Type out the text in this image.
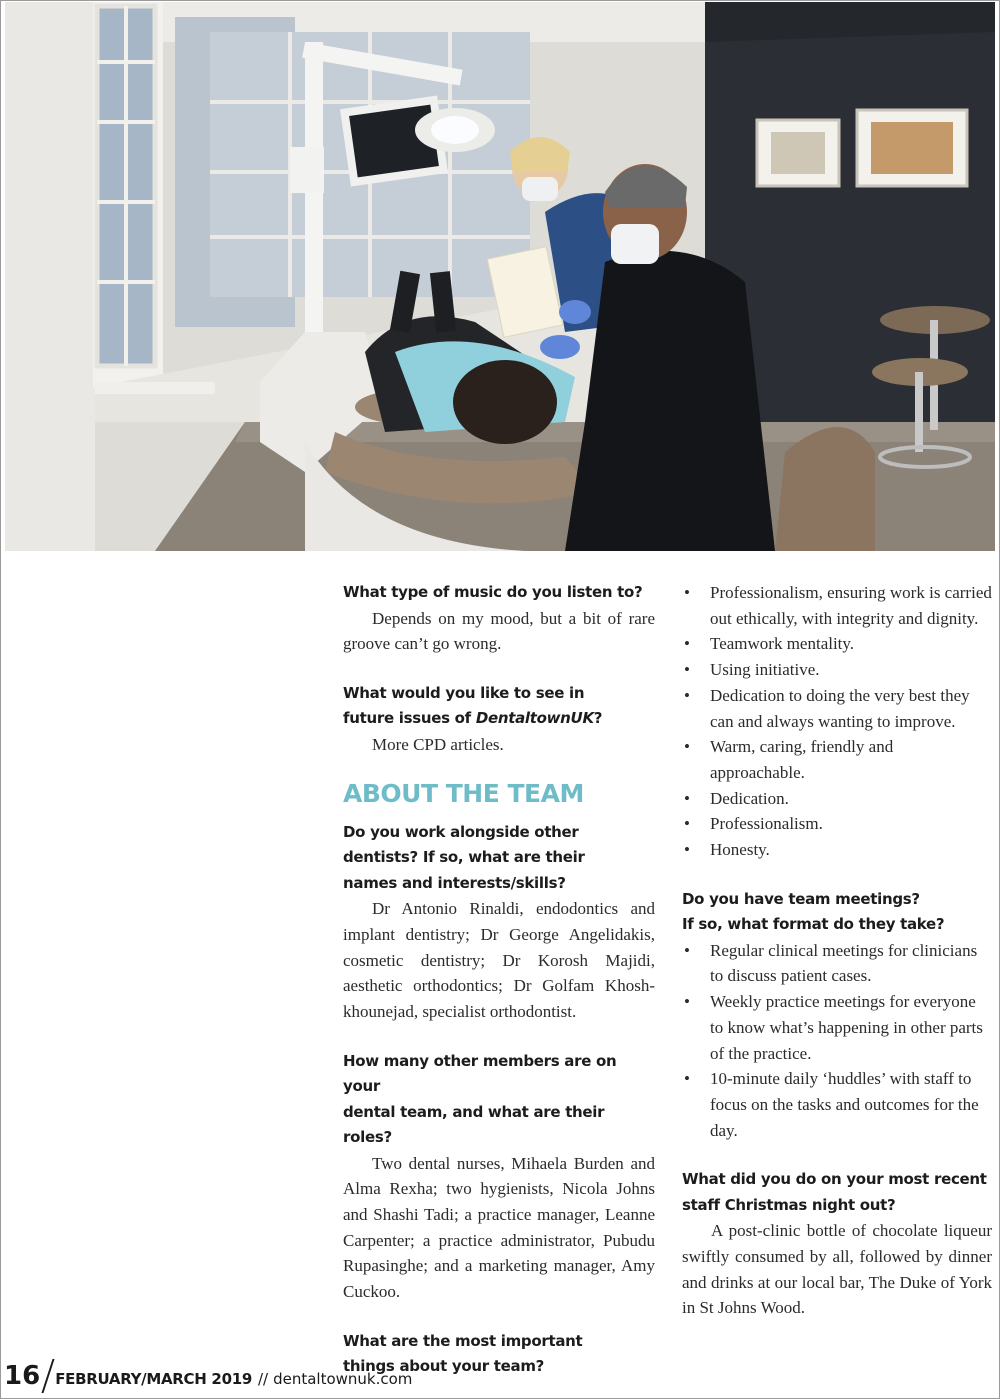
What type of music do you listen to?

Depends on my mood, but a bit of rare groove can’t go wrong.

What would you like to see in
future issues of DentaltownUK?

More CPD articles.

ABOUT THE TEAM

Do you work alongside other
dentists? If so, what are their
names and interests/skills?

Dr Antonio Rinaldi, endodontics and implant dentistry; Dr George Angelidakis, cosmetic dentistry; Dr Korosh Majidi, aesthetic orthodontics; Dr Golfam Khoshkhounejad, specialist orthodontist.

How many other members are on your
dental team, and what are their roles?

Two dental nurses, Mihaela Burden and Alma Rexha; two hygienists, Nicola Johns and Shashi Tadi; a practice manager, Leanne Carpenter; a practice administrator, Pubudu Rupasinghe; and a marketing manager, Amy Cuckoo.

What are the most important
things about your team?

• Professionalism, ensuring work is carried out ethically, with integrity and dignity.
• Teamwork mentality.
• Using initiative.
• Dedication to doing the very best they can and always wanting to improve.
• Warm, caring, friendly and approachable.
• Dedication.
• Professionalism.
• Honesty.

Do you have team meetings?
If so, what format do they take?

• Regular clinical meetings for clinicians to discuss patient cases.
• Weekly practice meetings for everyone to know what’s happening in other parts of the practice.
• 10-minute daily ‘huddles’ with staff to focus on the tasks and outcomes for the day.

What did you do on your most recent
staff Christmas night out?

A post-clinic bottle of chocolate liqueur swiftly consumed by all, followed by dinner and drinks at our local bar, The Duke of York in St Johns Wood.

16 FEBRUARY/MARCH 2019 // dentaltownuk.com
